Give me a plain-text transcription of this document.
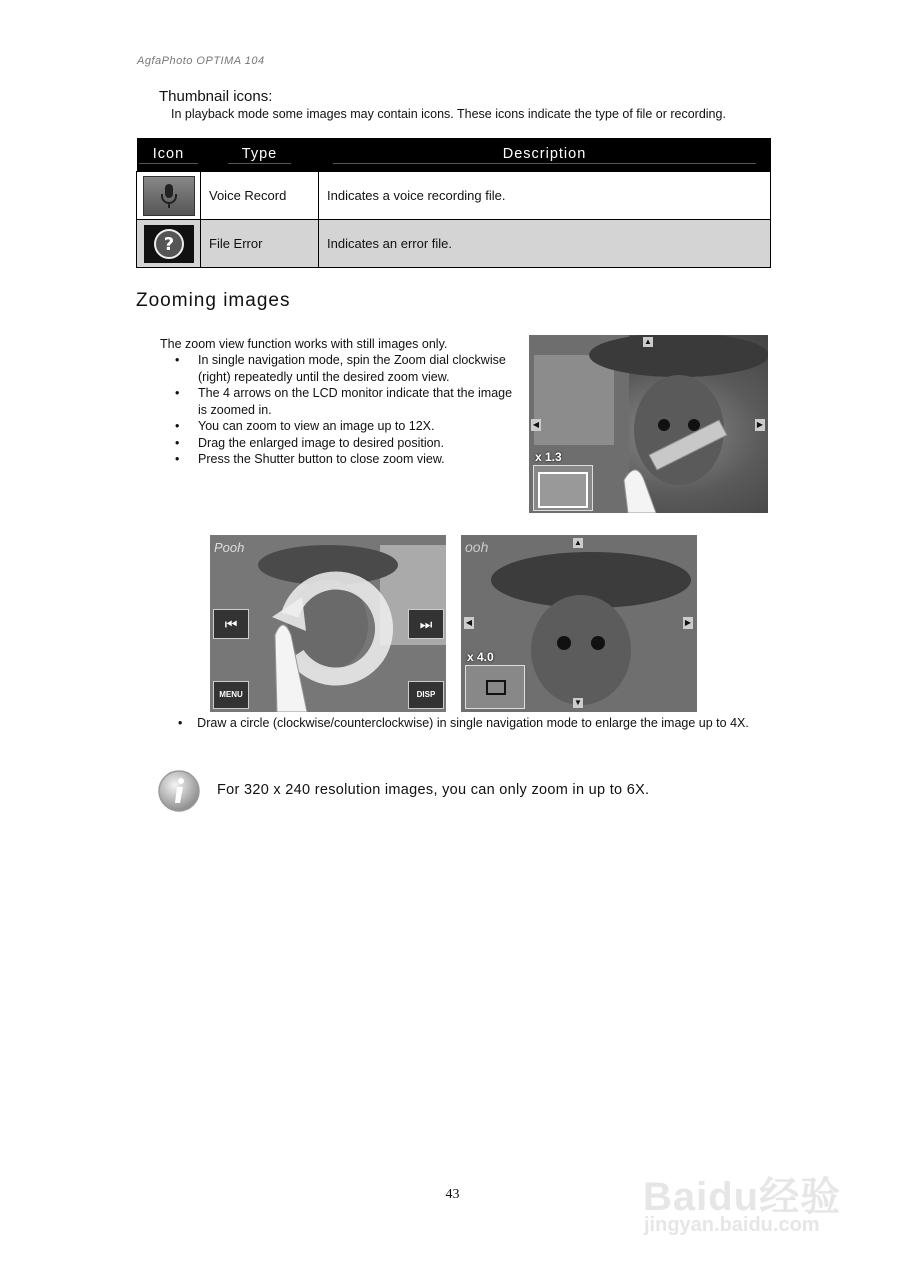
AgfaPhoto OPTIMA 104
Thumbnail icons:
In playback mode some images may contain icons. These icons indicate the type of file or recording.
Icon	Type	Description

	Voice Record	Indicates a voice recording file.

?	File Error	Indicates an error file.
Zooming images
The zoom view function works with still images only.
• In single navigation mode, spin the Zoom dial clockwise (right) repeatedly until the desired zoom view.
• The 4 arrows on the LCD monitor indicate that the image is zoomed in.
• You can zoom to view an image up to 12X.
• Drag the enlarged image to desired position.
• Press the Shutter button to close zoom view.
▲
◀	▶
x 1.3
Pooh
⏮	⏭
MENU	DISP
ooh	▲
◀	▶
▼
x 4.0
• Draw a circle (clockwise/counterclockwise) in single navigation mode to enlarge the image up to 4X.
For 320 x 240 resolution images, you can only zoom in up to 6X.
43	Baidu经验
jingyan.baidu.com
